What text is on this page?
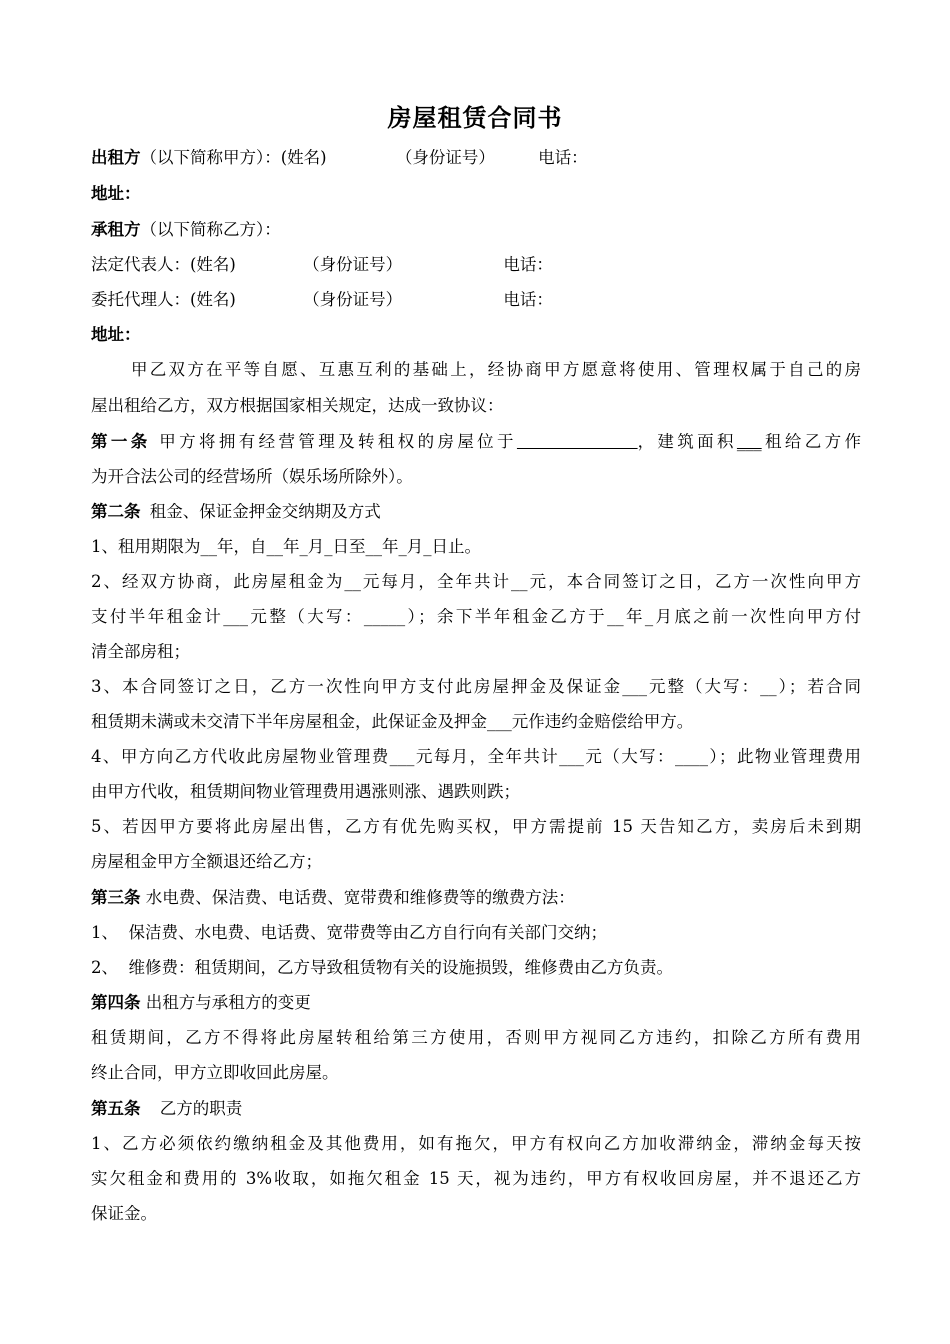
房屋租赁合同书
出租方（以下简称甲方）：(姓名)	（身份证号）	电话：
地址：
承租方（以下简称乙方）：
法定代表人：(姓名)	（身份证号）	电话：
委托代理人：(姓名)	（身份证号）	电话：
地址：
甲乙双方在平等自愿、互惠互利的基础上，经协商甲方愿意将使用、管理权属于自己的房
屋出租给乙方，双方根据国家相关规定，达成一致协议：
第一条 甲方将拥有经营管理及转租权的房屋位于	，建筑面积___租给乙方作
为开合法公司的经营场所（娱乐场所除外）。
第二条 租金、保证金押金交纳期及方式
1、租用期限为__年，自__年_月_日至__年_月_日止。
2、经双方协商，此房屋租金为__元每月，全年共计__元，本合同签订之日，乙方一次性向甲方
支付半年租金计___元整（大写：_____）；余下半年租金乙方于__年_月底之前一次性向甲方付
清全部房租；
3、本合同签订之日，乙方一次性向甲方支付此房屋押金及保证金___元整（大写：__）；若合同
租赁期未满或未交清下半年房屋租金，此保证金及押金___元作违约金赔偿给甲方。
4、甲方向乙方代收此房屋物业管理费___元每月，全年共计___元（大写：____）；此物业管理费用
由甲方代收，租赁期间物业管理费用遇涨则涨、遇跌则跌；
5、若因甲方要将此房屋出售，乙方有优先购买权，甲方需提前 15 天告知乙方，卖房后未到期
房屋租金甲方全额退还给乙方；
第三条 水电费、保洁费、电话费、宽带费和维修费等的缴费方法：
1、  保洁费、水电费、电话费、宽带费等由乙方自行向有关部门交纳；
2、  维修费：租赁期间，乙方导致租赁物有关的设施损毁，维修费由乙方负责。
第四条 出租方与承租方的变更
租赁期间，乙方不得将此房屋转租给第三方使用，否则甲方视同乙方违约，扣除乙方所有费用
终止合同，甲方立即收回此房屋。
第五条 乙方的职责
1、乙方必须依约缴纳租金及其他费用，如有拖欠，甲方有权向乙方加收滞纳金，滞纳金每天按
实欠租金和费用的 3%收取，如拖欠租金 15 天，视为违约，甲方有权收回房屋，并不退还乙方
保证金。
